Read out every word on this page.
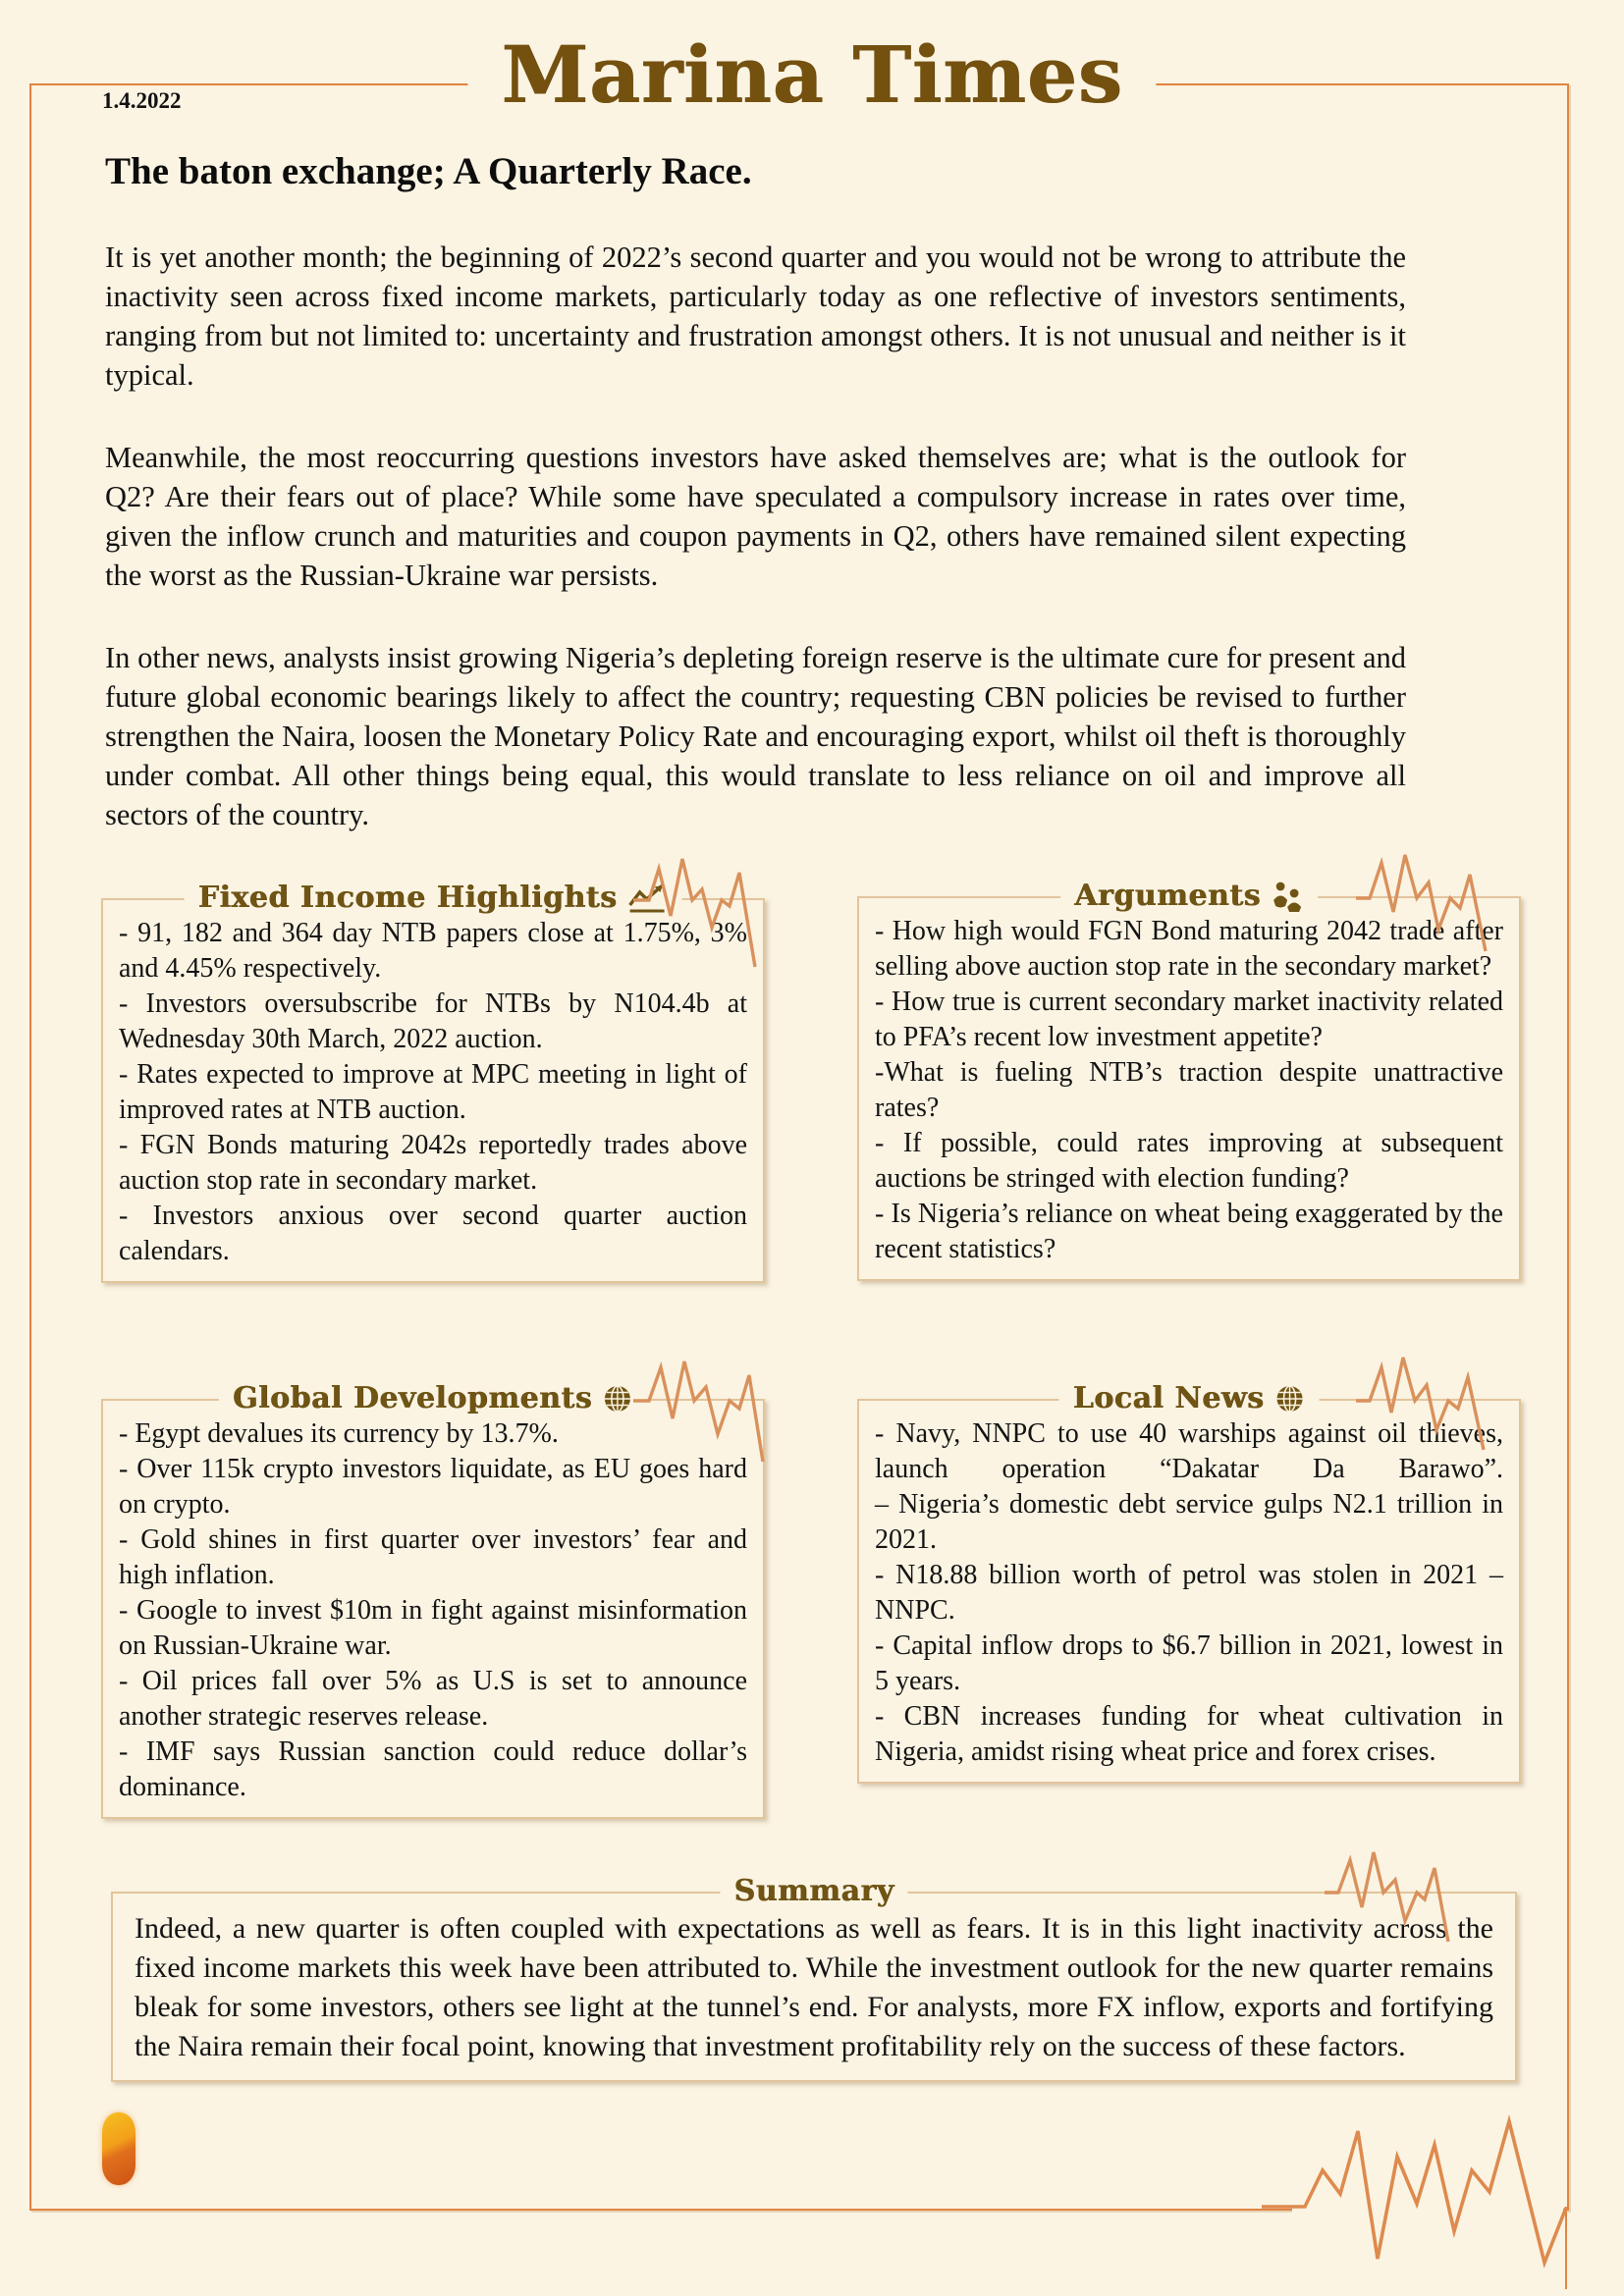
Marina Times
1.4.2022
The baton exchange; A Quarterly Race.

It is yet another month; the beginning of 2022’s second quarter and you would not be wrong to attribute the inactivity seen across fixed income markets, particularly today as one reflective of investors sentiments, ranging from but not limited to: uncertainty and frustration amongst others. It is not unusual and neither is it typical.

Meanwhile, the most reoccurring questions investors have asked themselves are; what is the outlook for Q2? Are their fears out of place? While some have speculated a compulsory increase in rates over time, given the inflow crunch and maturities and coupon payments in Q2, others have remained silent expecting the worst as the Russian-Ukraine war persists.

In other news, analysts insist growing Nigeria’s depleting foreign reserve is the ultimate cure for present and future global economic bearings likely to affect the country; requesting CBN policies be revised to further strengthen the Naira, loosen the Monetary Policy Rate and encouraging export, whilst oil theft is thoroughly under combat. All other things being equal, this would translate to less reliance on oil and improve all sectors of the country.

Fixed Income Highlights
- 91, 182 and 364 day NTB papers close at 1.75%, 3% and 4.45% respectively.
- Investors oversubscribe for NTBs by N104.4b at Wednesday 30th March, 2022 auction.
- Rates expected to improve at MPC meeting in light of improved rates at NTB auction.
- FGN Bonds maturing 2042s reportedly trades above auction stop rate in secondary market.
- Investors anxious over second quarter auction calendars.
Arguments
- How high would FGN Bond maturing 2042 trade after selling above auction stop rate in the secondary market?
- How true is current secondary market inactivity related to PFA’s recent low investment appetite?
-What is fueling NTB’s traction despite unattractive rates?
- If possible, could rates improving at subsequent auctions be stringed with election funding?
- Is Nigeria’s reliance on wheat being exaggerated by the recent statistics?
Global Developments
- Egypt devalues its currency by 13.7%.
- Over 115k crypto investors liquidate, as EU goes hard on crypto.
- Gold shines in first quarter over investors’ fear and high inflation.
- Google to invest $10m in fight against misinformation on Russian-Ukraine war.
- Oil prices fall over 5% as U.S is set to announce another strategic reserves release.
- IMF says Russian sanction could reduce dollar’s dominance.
Local News
- Navy, NNPC to use 40 warships against oil thieves, launch operation “Dakatar Da Barawo”.
– Nigeria’s domestic debt service gulps N2.1 trillion in 2021.
- N18.88 billion worth of petrol was stolen in 2021 – NNPC.
- Capital inflow drops to $6.7 billion in 2021, lowest in 5 years.
- CBN increases funding for wheat cultivation in Nigeria, amidst rising wheat price and forex crises.
Summary
Indeed, a new quarter is often coupled with expectations as well as fears. It is in this light inactivity across the fixed income markets this week have been attributed to. While the investment outlook for the new quarter remains bleak for some investors, others see light at the tunnel’s end. For analysts, more FX inflow, exports and fortifying the Naira remain their focal point, knowing that investment profitability rely on the success of these factors.
